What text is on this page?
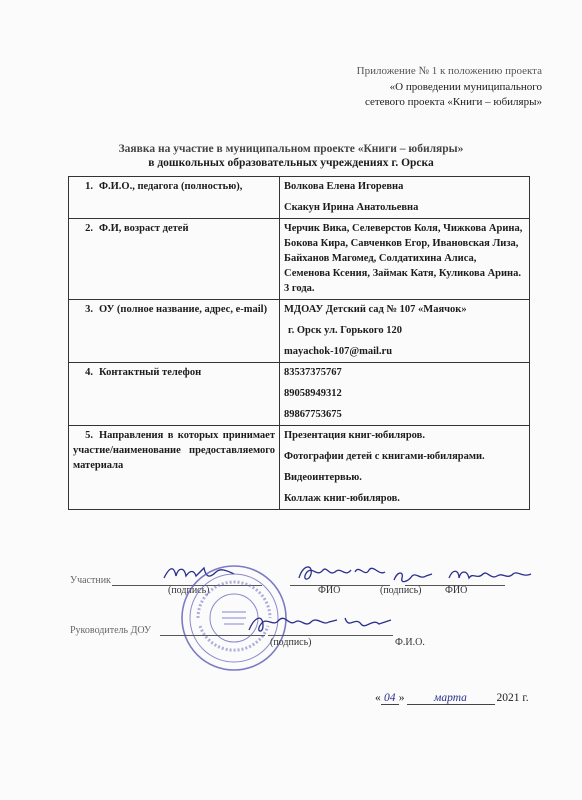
Приложение № 1 к положению проекта
«О проведении муниципального
сетевого проекта «Книги – юбиляры»
Заявка на участие в муниципальном проекте «Книги – юбиляры»
в дошкольных образовательных учреждениях г. Орска
1. Ф.И.О., педагога (полностью),	Волкова Елена Игоревна

Скакун Ирина Анатольевна

2. Ф.И, возраст детей	Черчик Вика, Селеверстов Коля, Чижкова Арина, Бокова Кира, Савченков Егор, Ивановская Лиза, Байханов Магомед, Солдатихина Алиса, Семенова Ксения, Займак Катя, Куликова Арина. 3 года.

3. ОУ (полное название, адрес, e-mail)	МДОАУ Детский сад № 107 «Маячок»

г. Орск ул. Горького 120

mayachok-107@mail.ru

4. Контактный телефон	83537375767

89058949312

89867753675

5. Направления в которых принимает участие/наименование предоставляемого материала	Презентация книг-юбиляров.

Фотографии детей с книгами-юбилярами.

Видеоинтервью.

Коллаж книг-юбиляров.

Участник
(подпись)	ФИО	(подпись) ФИО
Руководитель ДОУ
(подпись)	Ф.И.О.
« 04 »	марта	2021 г.
